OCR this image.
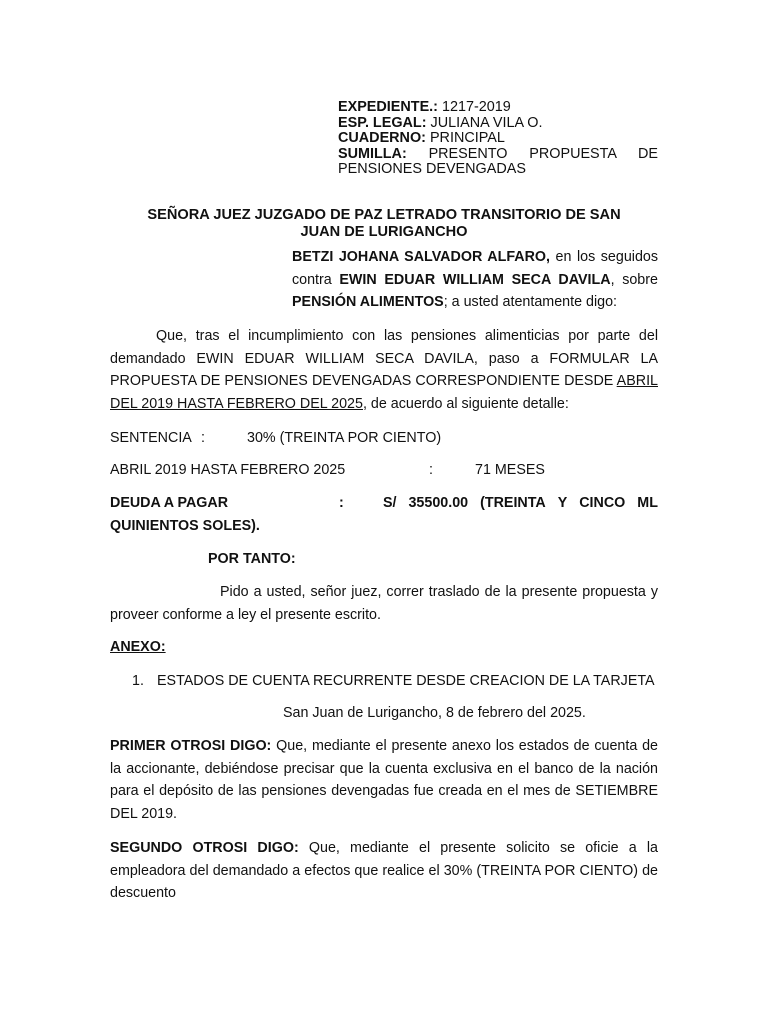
EXPEDIENTE.: 1217-2019
ESP. LEGAL: JULIANA VILA O.
CUADERNO: PRINCIPAL
SUMILLA: PRESENTO PROPUESTA DE
PENSIONES DEVENGADAS
SEÑORA JUEZ JUZGADO DE PAZ LETRADO TRANSITORIO DE SAN
JUAN DE LURIGANCHO
BETZI JOHANA SALVADOR ALFARO, en los seguidos
contra EWIN EDUAR WILLIAM SECA DAVILA, sobre
PENSIÓN ALIMENTOS; a usted atentamente digo:
Que, tras el incumplimiento con las pensiones alimenticias por parte del
demandado EWIN EDUAR WILLIAM SECA DAVILA, paso a FORMULAR LA
PROPUESTA DE PENSIONES DEVENGADAS CORRESPONDIENTE DESDE ABRIL
DEL 2019 HASTA FEBRERO DEL 2025, de acuerdo al siguiente detalle:
SENTENCIA :	30% (TREINTA POR CIENTO)
ABRIL 2019 HASTA FEBRERO 2025	:	71 MESES
DEUDA A PAGAR	:	S/ 35500.00 (TREINTA Y CINCO ML
QUINIENTOS SOLES).
POR TANTO:
Pido a usted, señor juez, correr traslado de la presente propuesta y
proveer conforme a ley el presente escrito.
ANEXO:
1. ESTADOS DE CUENTA RECURRENTE DESDE CREACION DE LA TARJETA
San Juan de Lurigancho, 8 de febrero del 2025.
PRIMER OTROSI DIGO: Que, mediante el presente anexo los estados de cuenta de la accionante, debiéndose precisar que la cuenta exclusiva en el banco de la nación para el depósito de las pensiones devengadas fue creada en el mes de SETIEMBRE DEL 2019.
SEGUNDO OTROSI DIGO: Que, mediante el presente solicito se oficie a la empleadora del demandado a efectos que realice el 30% (TREINTA POR CIENTO) de descuento
